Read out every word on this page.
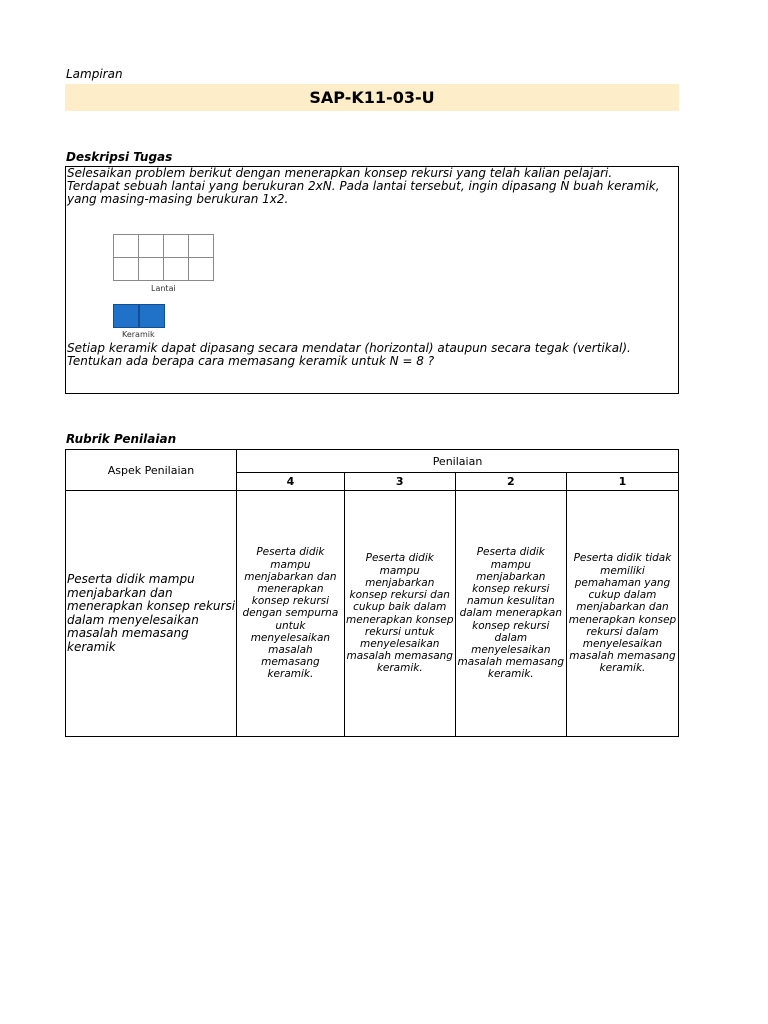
Lampiran
SAP-K11-03-U
Deskripsi Tugas
Selesaikan problem berikut dengan menerapkan konsep rekursi yang telah kalian pelajari. Terdapat sebuah lantai yang berukuran 2xN. Pada lantai tersebut, ingin dipasang N buah keramik, yang masing-masing berukuran 1x2.

Lantai
Keramik
Setiap keramik dapat dipasang secara mendatar (horizontal) ataupun secara tegak (vertikal). Tentukan ada berapa cara memasang keramik untuk N = 8 ?
Rubrik Penilaian
Aspek Penilaian	Penilaian			
	4	3	2	1
Peserta didik mampu menjabarkan dan menerapkan konsep rekursi dalam menyelesaikan masalah memasang keramik	Peserta didik mampu menjabarkan dan menerapkan konsep rekursi dengan sempurna untuk menyelesaikan masalah memasang keramik.	Peserta didik mampu menjabarkan konsep rekursi dan cukup baik dalam menerapkan konsep rekursi untuk menyelesaikan masalah memasang keramik.	Peserta didik mampu menjabarkan konsep rekursi namun kesulitan dalam menerapkan konsep rekursi dalam menyelesaikan masalah memasang keramik.	Peserta didik tidak memiliki pemahaman yang cukup dalam menjabarkan dan menerapkan konsep rekursi dalam menyelesaikan masalah memasang keramik.
